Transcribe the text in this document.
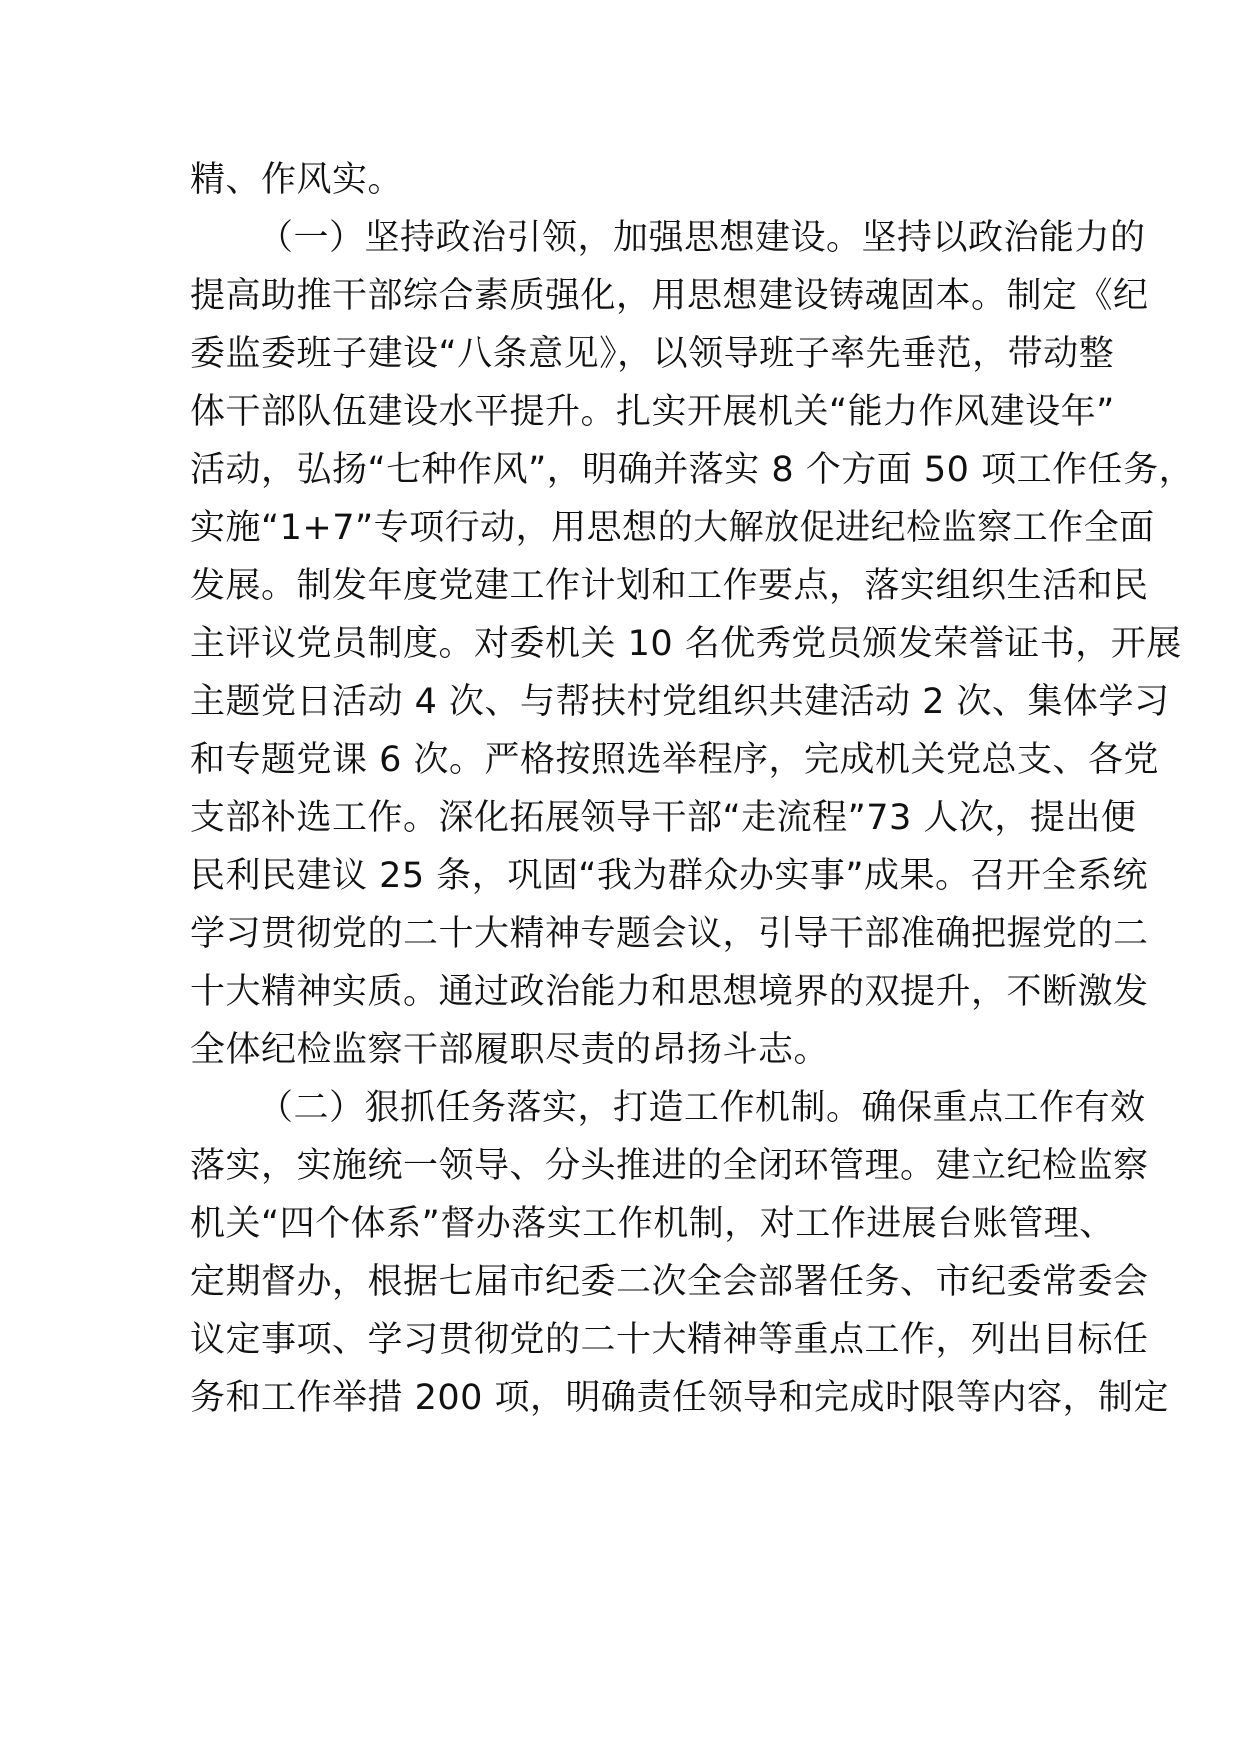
精、作风实。
（一）坚持政治引领，加强思想建设。坚持以政治能力的
提高助推干部综合素质强化，用思想建设铸魂固本。制定《纪
委监委班子建设“八条意见》，以领导班子率先垂范，带动整
体干部队伍建设水平提升。扎实开展机关“能力作风建设年”
活动，弘扬“七种作风”，明确并落实 8 个方面 50 项工作任务，
实施“1+7”专项行动，用思想的大解放促进纪检监察工作全面
发展。制发年度党建工作计划和工作要点，落实组织生活和民
主评议党员制度。对委机关 10 名优秀党员颁发荣誉证书，开展
主题党日活动 4 次、与帮扶村党组织共建活动 2 次、集体学习
和专题党课 6 次。严格按照选举程序，完成机关党总支、各党
支部补选工作。深化拓展领导干部“走流程”73 人次，提出便
民利民建议 25 条，巩固“我为群众办实事”成果。召开全系统
学习贯彻党的二十大精神专题会议，引导干部准确把握党的二
十大精神实质。通过政治能力和思想境界的双提升，不断激发
全体纪检监察干部履职尽责的昂扬斗志。
（二）狠抓任务落实，打造工作机制。确保重点工作有效
落实，实施统一领导、分头推进的全闭环管理。建立纪检监察
机关“四个体系”督办落实工作机制，对工作进展台账管理、
定期督办，根据七届市纪委二次全会部署任务、市纪委常委会
议定事项、学习贯彻党的二十大精神等重点工作，列出目标任
务和工作举措 200 项，明确责任领导和完成时限等内容，制定
